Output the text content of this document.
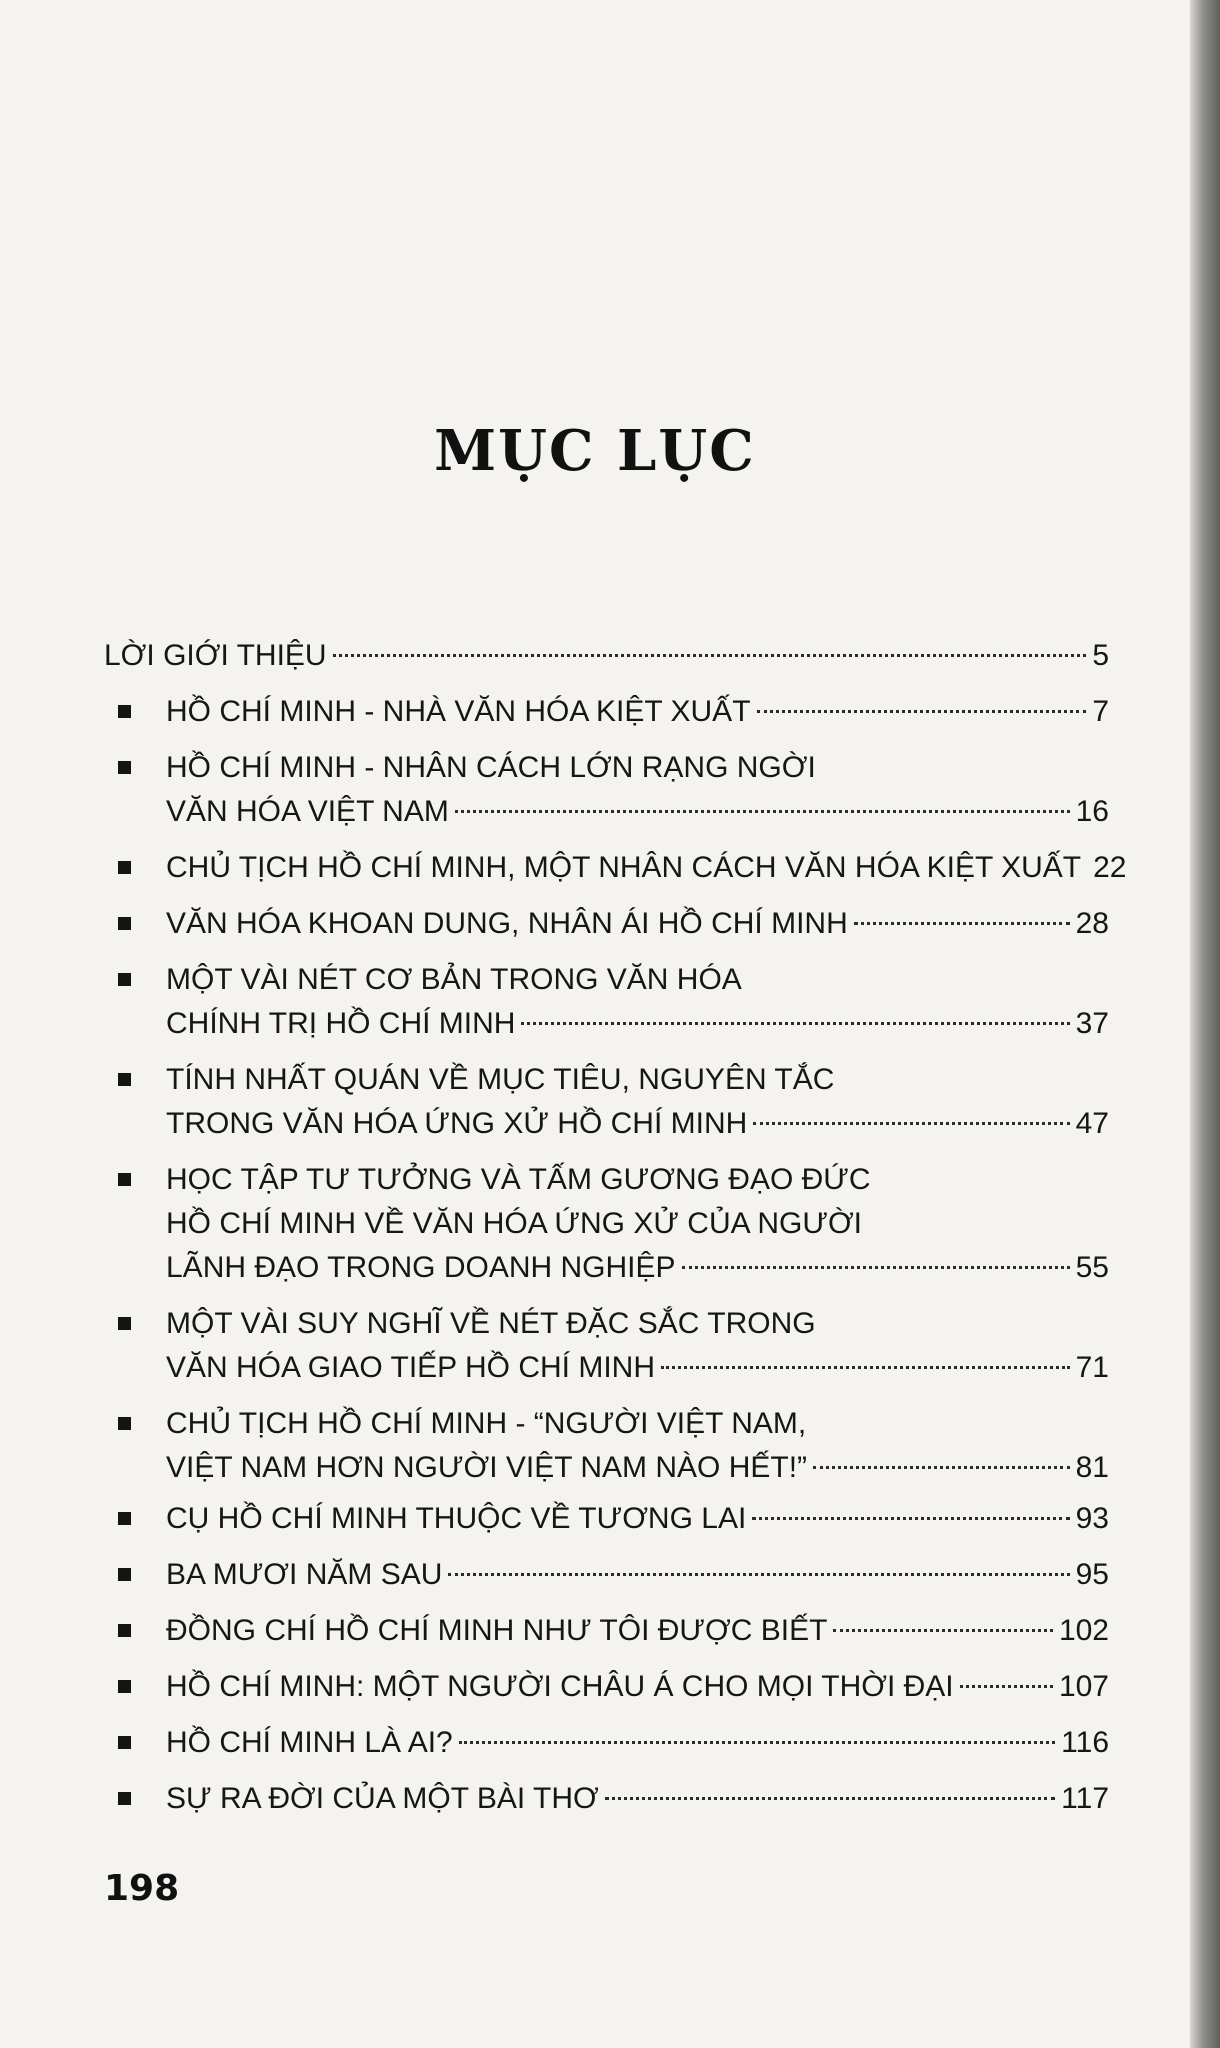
MỤC LỤC
LỜI GIỚI THIỆU	5
HỒ CHÍ MINH - NHÀ VĂN HÓA KIỆT XUẤT	7
HỒ CHÍ MINH - NHÂN CÁCH LỚN RẠNG NGỜI
VĂN HÓA VIỆT NAM	16
CHỦ TỊCH HỒ CHÍ MINH, MỘT NHÂN CÁCH VĂN HÓA KIỆT XUẤT 22
VĂN HÓA KHOAN DUNG, NHÂN ÁI HỒ CHÍ MINH	28
MỘT VÀI NÉT CƠ BẢN TRONG VĂN HÓA
CHÍNH TRỊ HỒ CHÍ MINH	37
TÍNH NHẤT QUÁN VỀ MỤC TIÊU, NGUYÊN TẮC
TRONG VĂN HÓA ỨNG XỬ HỒ CHÍ MINH	47
HỌC TẬP TƯ TƯỞNG VÀ TẤM GƯƠNG ĐẠO ĐỨC
HỒ CHÍ MINH VỀ VĂN HÓA ỨNG XỬ CỦA NGƯỜI
LÃNH ĐẠO TRONG DOANH NGHIỆP	55
MỘT VÀI SUY NGHĨ VỀ NÉT ĐẶC SẮC TRONG
VĂN HÓA GIAO TIẾP HỒ CHÍ MINH	71
CHỦ TỊCH HỒ CHÍ MINH - “NGƯỜI VIỆT NAM,
VIỆT NAM HƠN NGƯỜI VIỆT NAM NÀO HẾT!”	81
CỤ HỒ CHÍ MINH THUỘC VỀ TƯƠNG LAI	93
BA MƯƠI NĂM SAU	95
ĐỒNG CHÍ HỒ CHÍ MINH NHƯ TÔI ĐƯỢC BIẾT	102
HỒ CHÍ MINH: MỘT NGƯỜI CHÂU Á CHO MỌI THỜI ĐẠI	107
HỒ CHÍ MINH LÀ AI?	116
SỰ RA ĐỜI CỦA MỘT BÀI THƠ	117
198
